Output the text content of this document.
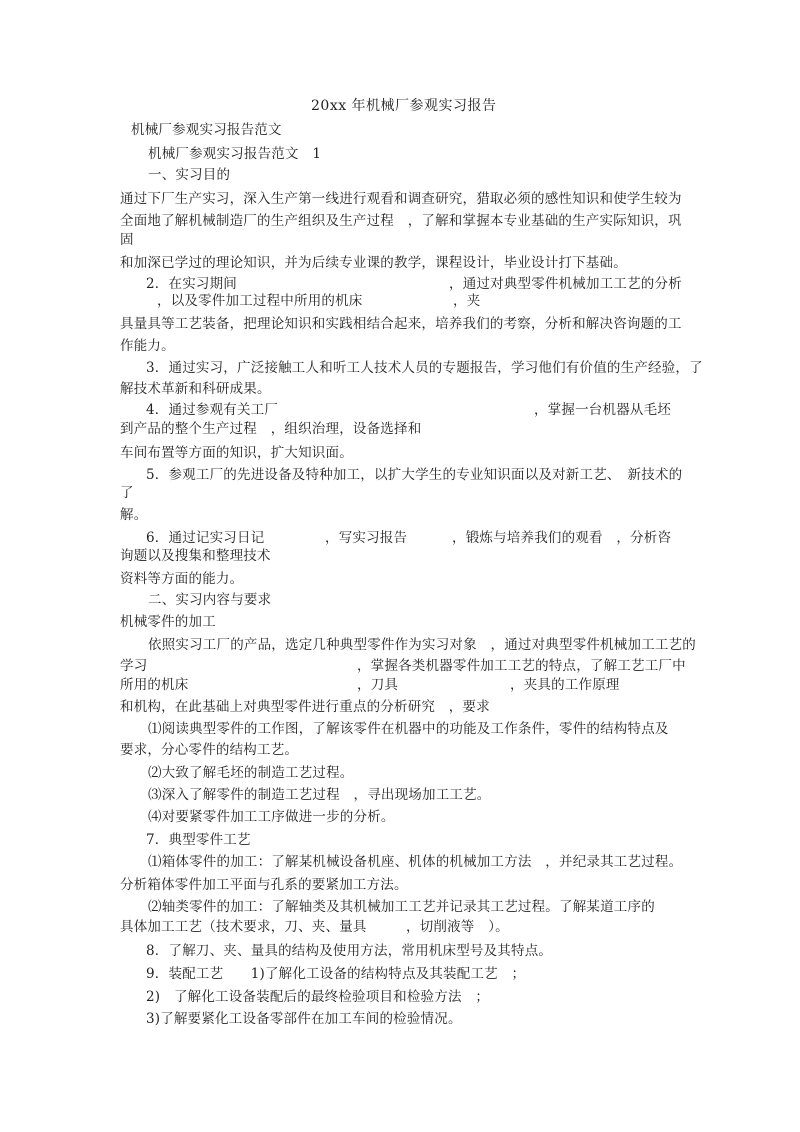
20xx 年机械厂参观实习报告
机械厂参观实习报告范文
机械厂参观实习报告范文　1
一、实习目的
通过下厂生产实习，深入生产第一线进行观看和调查研究，猎取必须的感性知识和使学生较为
全面地了解机械制造厂的生产组织及生产过程　，了解和掌握本专业基础的生产实际知识，巩
固
和加深已学过的理论知识，并为后续专业课的教学，课程设计，毕业设计打下基础。
2．在实习期间	，通过对典型零件机械加工工艺的分析
，以及零件加工过程中所用的机床	，夹
具量具等工艺装备，把理论知识和实践相结合起来，培养我们的考察，分析和解决咨询题的工
作能力。
3．通过实习，广泛接触工人和听工人技术人员的专题报告，学习他们有价值的生产经验，了
解技术革新和科研成果。
4．通过参观有关工厂	，掌握一台机器从毛坯
到产品的整个生产过程　，组织治理，设备选择和
车间布置等方面的知识，扩大知识面。
5．参观工厂的先进设备及特种加工，以扩大学生的专业知识面以及对新工艺、　新技术的
了
解。
6．通过记实习日记	，写实习报告	，锻炼与培养我们的观看　，分析咨
询题以及搜集和整理技术
资料等方面的能力。
二、实习内容与要求
机械零件的加工
依照实习工厂的产品，选定几种典型零件作为实习对象　，通过对典型零件机械加工工艺的
学习	，掌握各类机器零件加工工艺的特点，了解工艺工厂中
所用的机床	，刀具	，夹具的工作原理
和机构，在此基础上对典型零件进行重点的分析研究　，要求
⑴阅读典型零件的工作图，了解该零件在机器中的功能及工作条件，零件的结构特点及
要求，分心零件的结构工艺。
⑵大致了解毛坯的制造工艺过程。
⑶深入了解零件的制造工艺过程　，寻出现场加工工艺。
⑷对要紧零件加工工序做进一步的分析。
7．典型零件工艺
⑴箱体零件的加工：了解某机械设备机座、机体的机械加工方法　，并纪录其工艺过程。
分析箱体零件加工平面与孔系的要紧加工方法。
⑵轴类零件的加工：了解轴类及其机械加工工艺并记录其工艺过程。了解某道工序的
具体加工工艺（技术要求，刀、夹、量具	，切削液等　）。
8．了解刀、夹、量具的结构及使用方法，常用机床型号及其特点。
9．装配工艺　　1)了解化工设备的结构特点及其装配工艺　；
2)　了解化工设备装配后的最终检验项目和检验方法　；
3)了解要紧化工设备零部件在加工车间的检验情况。
